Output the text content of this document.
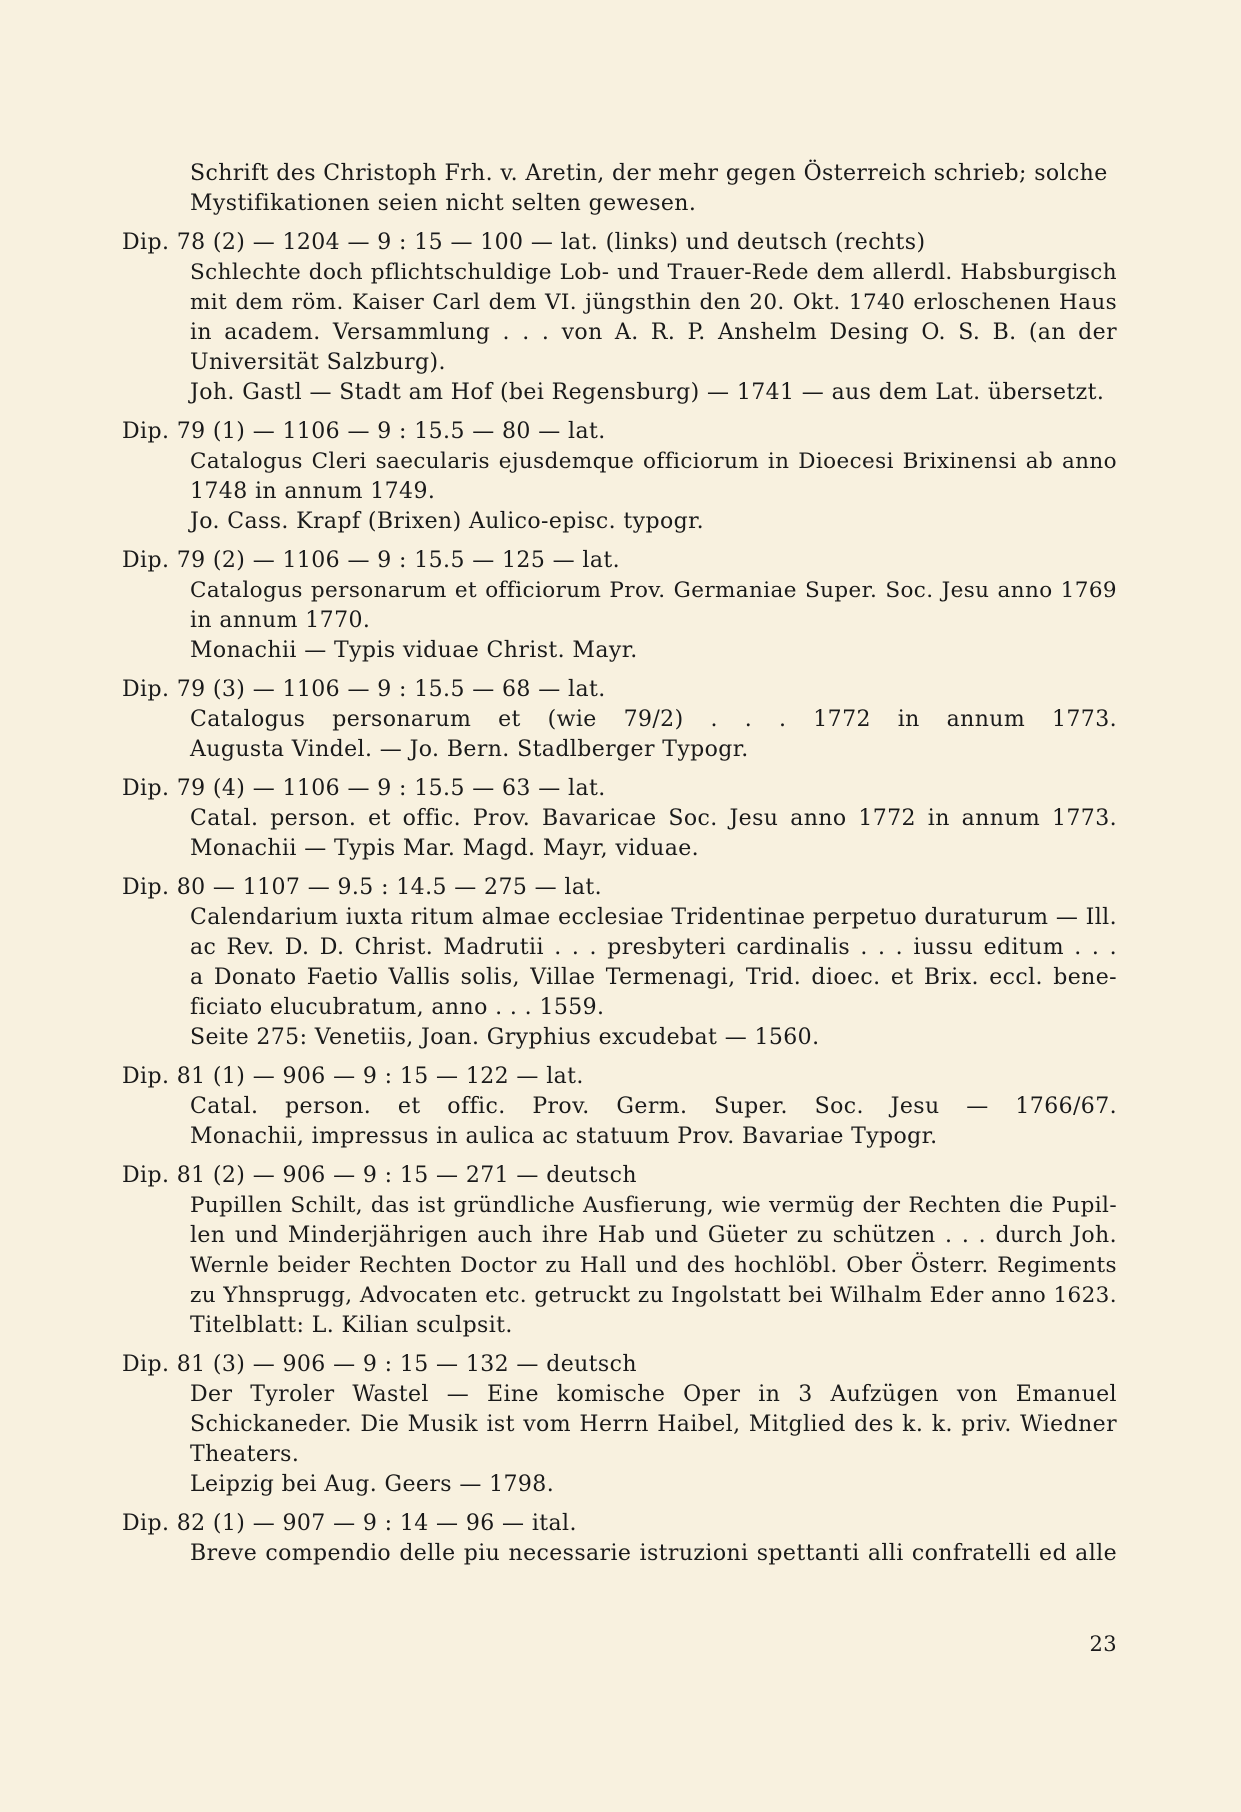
Schrift des Christoph Frh. v. Aretin, der mehr gegen Österreich schrieb; solche
Mystifikationen seien nicht selten gewesen.
Dip. 78 (2) — 1204 — 9 : 15 — 100 — lat. (links) und deutsch (rechts)
Schlechte doch pflichtschuldige Lob- und Trauer-Rede dem allerdl. Habsburgisch
mit dem röm. Kaiser Carl dem VI. jüngsthin den 20. Okt. 1740 erloschenen Haus
in academ. Versammlung . . . von A. R. P. Anshelm Desing O. S. B. (an der
Universität Salzburg).
Joh. Gastl — Stadt am Hof (bei Regensburg) — 1741 — aus dem Lat. übersetzt.
Dip. 79 (1) — 1106 — 9 : 15.5 — 80 — lat.
Catalogus Cleri saecularis ejusdemque officiorum in Dioecesi Brixinensi ab anno
1748 in annum 1749.
Jo. Cass. Krapf (Brixen) Aulico-episc. typogr.
Dip. 79 (2) — 1106 — 9 : 15.5 — 125 — lat.
Catalogus personarum et officiorum Prov. Germaniae Super. Soc. Jesu anno 1769
in annum 1770.
Monachii — Typis viduae Christ. Mayr.
Dip. 79 (3) — 1106 — 9 : 15.5 — 68 — lat.
Catalogus personarum et (wie 79/2) . . . 1772 in annum 1773.
Augusta Vindel. — Jo. Bern. Stadlberger Typogr.
Dip. 79 (4) — 1106 — 9 : 15.5 — 63 — lat.
Catal. person. et offic. Prov. Bavaricae Soc. Jesu anno 1772 in annum 1773.
Monachii — Typis Mar. Magd. Mayr, viduae.
Dip. 80 — 1107 — 9.5 : 14.5 — 275 — lat.
Calendarium iuxta ritum almae ecclesiae Tridentinae perpetuo duraturum — Ill.
ac Rev. D. D. Christ. Madrutii . . . presbyteri cardinalis . . . iussu editum . . .
a Donato Faetio Vallis solis, Villae Termenagi, Trid. dioec. et Brix. eccl. bene-
ficiato elucubratum, anno . . . 1559.
Seite 275: Venetiis, Joan. Gryphius excudebat — 1560.
Dip. 81 (1) — 906 — 9 : 15 — 122 — lat.
Catal. person. et offic. Prov. Germ. Super. Soc. Jesu — 1766/67.
Monachii, impressus in aulica ac statuum Prov. Bavariae Typogr.
Dip. 81 (2) — 906 — 9 : 15 — 271 — deutsch
Pupillen Schilt, das ist gründliche Ausfierung, wie vermüg der Rechten die Pupil-
len und Minderjährigen auch ihre Hab und Güeter zu schützen . . . durch Joh.
Wernle beider Rechten Doctor zu Hall und des hochlöbl. Ober Österr. Regiments
zu Yhnsprugg, Advocaten etc. getruckt zu Ingolstatt bei Wilhalm Eder anno 1623.
Titelblatt: L. Kilian sculpsit.
Dip. 81 (3) — 906 — 9 : 15 — 132 — deutsch
Der Tyroler Wastel — Eine komische Oper in 3 Aufzügen von Emanuel
Schickaneder. Die Musik ist vom Herrn Haibel, Mitglied des k. k. priv. Wiedner
Theaters.
Leipzig bei Aug. Geers — 1798.
Dip. 82 (1) — 907 — 9 : 14 — 96 — ital.
Breve compendio delle piu necessarie istruzioni spettanti alli confratelli ed alle
23
